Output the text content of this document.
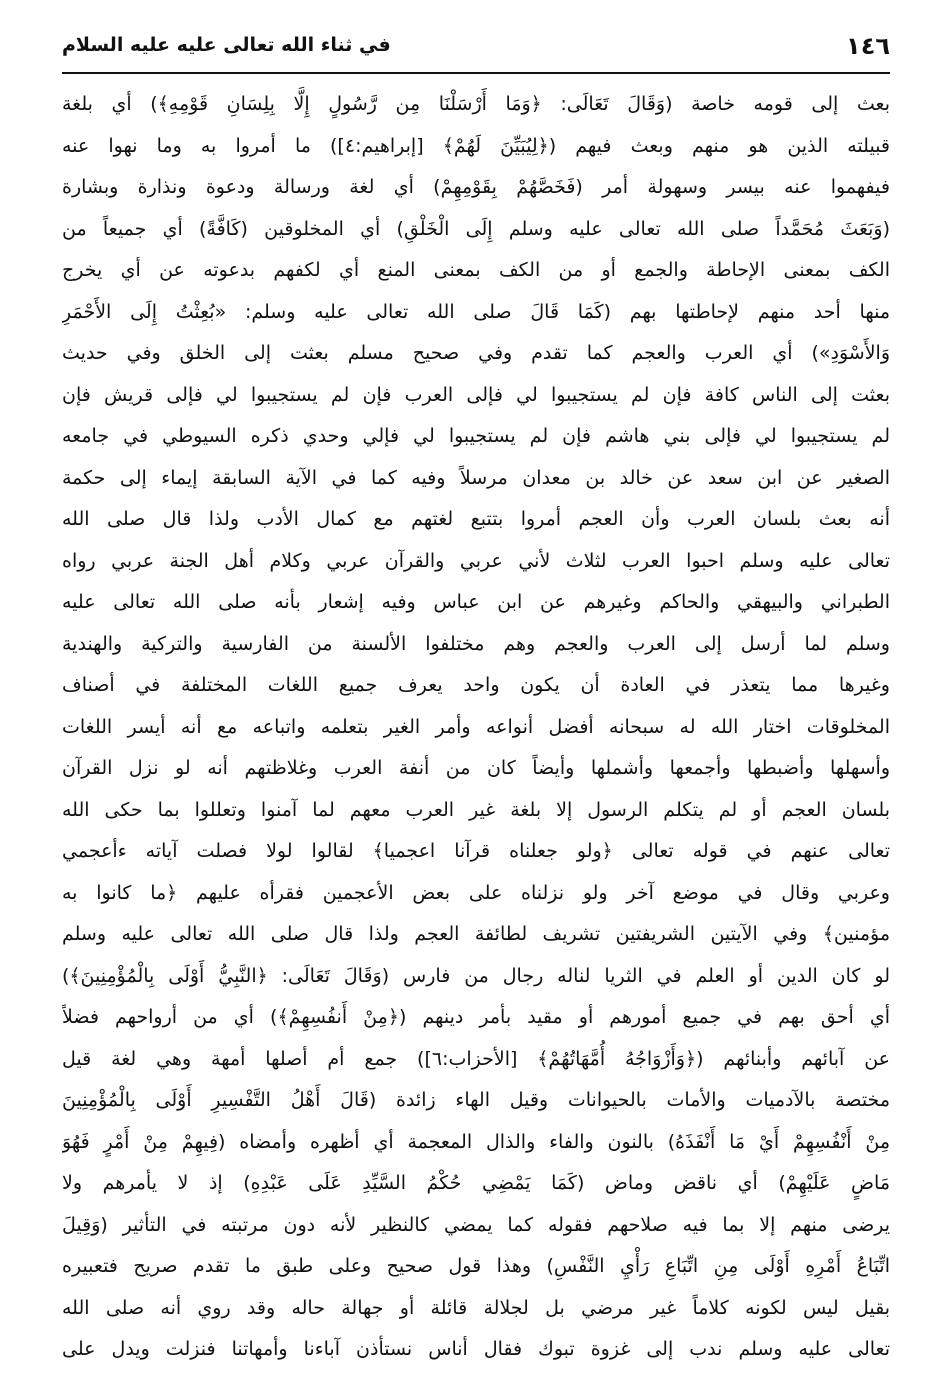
١٤٦
في ثناء الله تعالى عليه عليه السلام
بعث إلى قومه خاصة (وَقَالَ تَعَالَى: ﴿وَمَا أَرْسَلْنَا مِن رَّسُولٍ إِلَّا بِلِسَانِ قَوْمِهِ﴾) أي بلغة
قبيلته الذين هو منهم وبعث فيهم (﴿لِيُبَيِّنَ لَهُمْ﴾ [إبراهيم:٤]) ما أمروا به وما نهوا عنه
فيفهموا عنه بيسر وسهولة أمر (فَخَصَّهُمْ بِقَوْمِهِمْ) أي لغة ورسالة ودعوة ونذارة وبشارة
(وَبَعَثَ مُحَمَّداً صلى الله تعالى عليه وسلم إِلَى الْخَلْقِ) أي المخلوقين (كَافَّةً) أي جميعاً من
الكف بمعنى الإحاطة والجمع أو من الكف بمعنى المنع أي لكفهم بدعوته عن أي يخرج
منها أحد منهم لإحاطتها بهم (كَمَا قَالَ صلى الله تعالى عليه وسلم: «بُعِثْتُ إِلَى الأَحْمَرِ
وَالأَسْوَدِ») أي العرب والعجم كما تقدم وفي صحيح مسلم بعثت إلى الخلق وفي حديث
بعثت إلى الناس كافة فإن لم يستجيبوا لي فإلى العرب فإن لم يستجيبوا لي فإلى قريش فإن
لم يستجيبوا لي فإلى بني هاشم فإن لم يستجيبوا لي فإلي وحدي ذكره السيوطي في جامعه
الصغير عن ابن سعد عن خالد بن معدان مرسلاً وفيه كما في الآية السابقة إيماء إلى حكمة
أنه بعث بلسان العرب وأن العجم أمروا بتتبع لغتهم مع كمال الأدب ولذا قال صلى الله
تعالى عليه وسلم احبوا العرب لثلاث لأني عربي والقرآن عربي وكلام أهل الجنة عربي رواه
الطبراني والبيهقي والحاكم وغيرهم عن ابن عباس وفيه إشعار بأنه صلى الله تعالى عليه
وسلم لما أرسل إلى العرب والعجم وهم مختلفوا الألسنة من الفارسية والتركية والهندية
وغيرها مما يتعذر في العادة أن يكون واحد يعرف جميع اللغات المختلفة في أصناف
المخلوقات اختار الله له سبحانه أفضل أنواعه وأمر الغير بتعلمه واتباعه مع أنه أيسر اللغات
وأسهلها وأضبطها وأجمعها وأشملها وأيضاً كان من أنفة العرب وغلاظتهم أنه لو نزل القرآن
بلسان العجم أو لم يتكلم الرسول إلا بلغة غير العرب معهم لما آمنوا وتعللوا بما حكى الله
تعالى عنهم في قوله تعالى ﴿ولو جعلناه قرآنا اعجميا﴾ لقالوا لولا فصلت آياته ءأعجمي
وعربي وقال في موضع آخر ولو نزلناه على بعض الأعجمين فقرأه عليهم ﴿ما كانوا به
مؤمنين﴾ وفي الآيتين الشريفتين تشريف لطائفة العجم ولذا قال صلى الله تعالى عليه وسلم
لو كان الدين أو العلم في الثريا لناله رجال من فارس (وَقَالَ تَعَالَى: ﴿النَّبِيُّ أَوْلَى بِالْمُؤْمِنِينَ﴾)
أي أحق بهم في جميع أمورهم أو مقيد بأمر دينهم (﴿مِنْ أَنفُسِهِمْ﴾) أي من أرواحهم فضلاً
عن آبائهم وأبنائهم (﴿وَأَزْوَاجُهُ أُمَّهَاتُهُمْ﴾ [الأحزاب:٦]) جمع أم أصلها أمهة وهي لغة قيل
مختصة بالآدميات والأمات بالحيوانات وقيل الهاء زائدة (قَالَ أَهْلُ التَّفْسِيرِ أَوْلَى بِالْمُؤْمِنِينَ
مِنْ أَنْفُسِهِمْ أَيْ مَا أَنْفَذَهُ) بالنون والفاء والذال المعجمة أي أظهره وأمضاه (فِيهِمْ مِنْ أَمْرٍ فَهُوَ
مَاضٍ عَلَيْهِمْ) أي ناقض وماض (كَمَا يَمْضِي حُكْمُ السَّيِّدِ عَلَى عَبْدِهِ) إذ لا يأمرهم ولا
يرضى منهم إلا بما فيه صلاحهم فقوله كما يمضي كالنظير لأنه دون مرتبته في التأثير (وَقِيلَ
اتِّبَاعُ أَمْرِهِ أَوْلَى مِنِ اتِّبَاعِ رَأْيِ النَّفْسِ) وهذا قول صحيح وعلى طبق ما تقدم صريح فتعبيره
بقيل ليس لكونه كلاماً غير مرضي بل لجلالة قائلة أو جهالة حاله وقد روي أنه صلى الله
تعالى عليه وسلم ندب إلى غزوة تبوك فقال أناس نستأذن آباءنا وأمهاتنا فنزلت ويدل على
